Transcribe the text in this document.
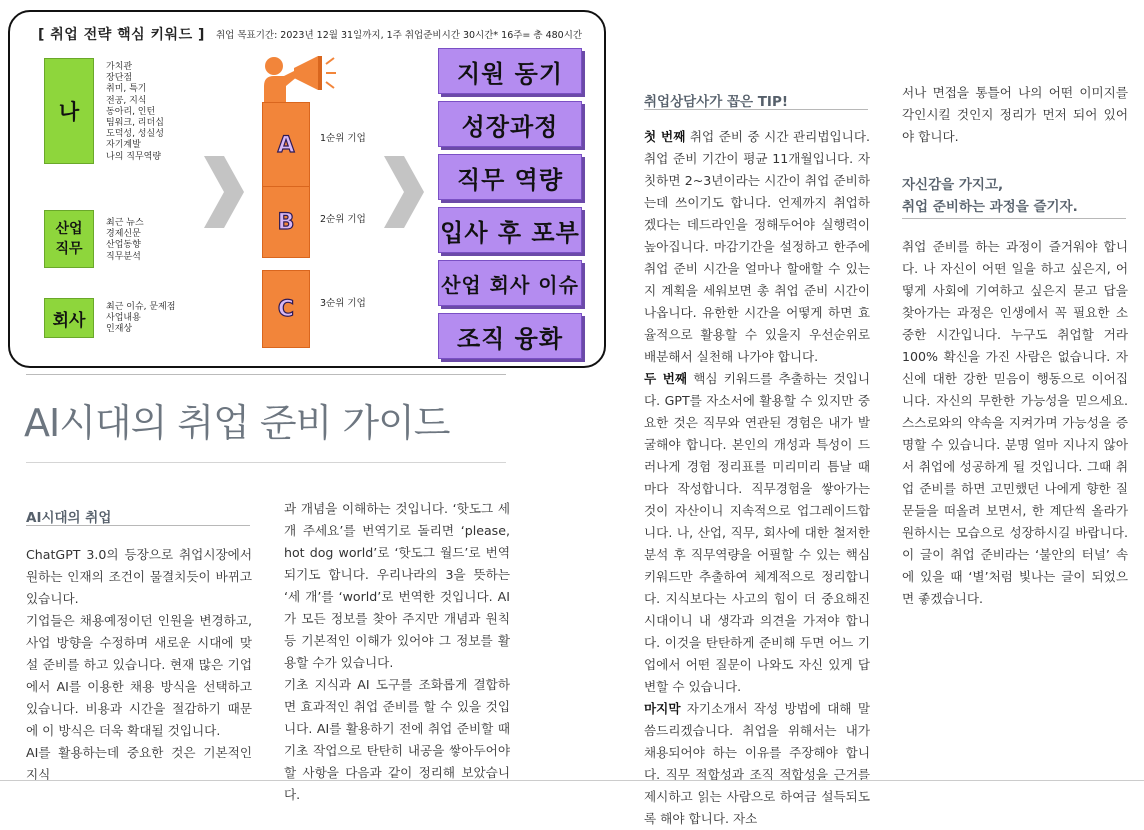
[ 취업 전략 핵심 키워드 ] 취업 목표기간: 2023년 12월 31일까지, 1주 취업준비시간 30시간* 16주= 총 480시간
나
산업
직무
회사
가치관
장단점
취미, 특기
전공, 지식
동아리, 인턴
팀워크, 리더십
도덕성, 성실성
자기계발
나의 직무역량
최근 뉴스
경제신문
산업동향
직무분석
최근 이슈, 문제점
사업내용
인재상
A
B
C
1순위 기업
2순위 기업
3순위 기업
지원 동기
성장과정
직무 역량
입사 후 포부
산업 회사 이슈
조직 융화
AI시대의 취업 준비 가이드
AI시대의 취업

ChatGPT 3.0의 등장으로 취업시장에서 원하는 인재의 조건이 물결치듯이 바뀌고 있습니다.

기업들은 채용예정이던 인원을 변경하고, 사업 방향을 수정하며 새로운 시대에 맞설 준비를 하고 있습니다. 현재 많은 기업에서 AI를 이용한 채용 방식을 선택하고 있습니다. 비용과 시간을 절감하기 때문에 이 방식은 더욱 확대될 것입니다.

AI를 활용하는데 중요한 것은 기본적인 지식

과 개념을 이해하는 것입니다. ‘핫도그 세 개 주세요’를 번역기로 돌리면 ‘please, hot dog world’로 ‘핫도그 월드’로 번역되기도 합니다. 우리나라의 3을 뜻하는 ‘세 개’를 ‘world’로 번역한 것입니다. AI가 모든 정보를 찾아 주지만 개념과 원칙 등 기본적인 이해가 있어야 그 정보를 활용할 수가 있습니다.

기초 지식과 AI 도구를 조화롭게 결합하면 효과적인 취업 준비를 할 수 있을 것입니다. AI를 활용하기 전에 취업 준비할 때 기초 작업으로 탄탄히 내공을 쌓아두어야 할 사항을 다음과 같이 정리해 보았습니다.

취업상담사가 꼽은 TIP!

첫 번째 취업 준비 중 시간 관리법입니다. 취업 준비 기간이 평균 11개월입니다. 자칫하면 2~3년이라는 시간이 취업 준비하는데 쓰이기도 합니다. 언제까지 취업하겠다는 데드라인을 정해두어야 실행력이 높아집니다. 마감기간을 설정하고 한주에 취업 준비 시간을 얼마나 할애할 수 있는지 계획을 세워보면 총 취업 준비 시간이 나옵니다. 유한한 시간을 어떻게 하면 효율적으로 활용할 수 있을지 우선순위로 배분해서 실천해 나가야 합니다.

두 번째 핵심 키워드를 추출하는 것입니다. GPT를 자소서에 활용할 수 있지만 중요한 것은 직무와 연관된 경험은 내가 발굴해야 합니다. 본인의 개성과 특성이 드러나게 경험 정리표를 미리미리 틈날 때마다 작성합니다. 직무경험을 쌓아가는 것이 자산이니 지속적으로 업그레이드합니다. 나, 산업, 직무, 회사에 대한 철저한 분석 후 직무역량을 어필할 수 있는 핵심 키워드만 추출하여 체계적으로 정리합니다. 지식보다는 사고의 힘이 더 중요해진 시대이니 내 생각과 의견을 가져야 합니다. 이것을 탄탄하게 준비해 두면 어느 기업에서 어떤 질문이 나와도 자신 있게 답변할 수 있습니다.

마지막 자기소개서 작성 방법에 대해 말씀드리겠습니다. 취업을 위해서는 내가 채용되어야 하는 이유를 주장해야 합니다. 직무 적합성과 조직 적합성을 근거를 제시하고 읽는 사람으로 하여금 설득되도록 해야 합니다. 자소

서나 면접을 통틀어 나의 어떤 이미지를 각인시킬 것인지 정리가 먼저 되어 있어야 합니다.

자신감을 가지고,
취업 준비하는 과정을 즐기자.

취업 준비를 하는 과정이 즐거워야 합니다. 나 자신이 어떤 일을 하고 싶은지, 어떻게 사회에 기여하고 싶은지 묻고 답을 찾아가는 과정은 인생에서 꼭 필요한 소중한 시간입니다. 누구도 취업할 거라 100% 확신을 가진 사람은 없습니다. 자신에 대한 강한 믿음이 행동으로 이어집니다. 자신의 무한한 가능성을 믿으세요. 스스로와의 약속을 지켜가며 가능성을 증명할 수 있습니다. 분명 얼마 지나지 않아서 취업에 성공하게 될 것입니다. 그때 취업 준비를 하면 고민했던 나에게 향한 질문들을 떠올려 보면서, 한 계단씩 올라가 원하시는 모습으로 성장하시길 바랍니다. 이 글이 취업 준비라는 ‘불안의 터널’ 속에 있을 때 ‘별’처럼 빛나는 글이 되었으면 좋겠습니다.
